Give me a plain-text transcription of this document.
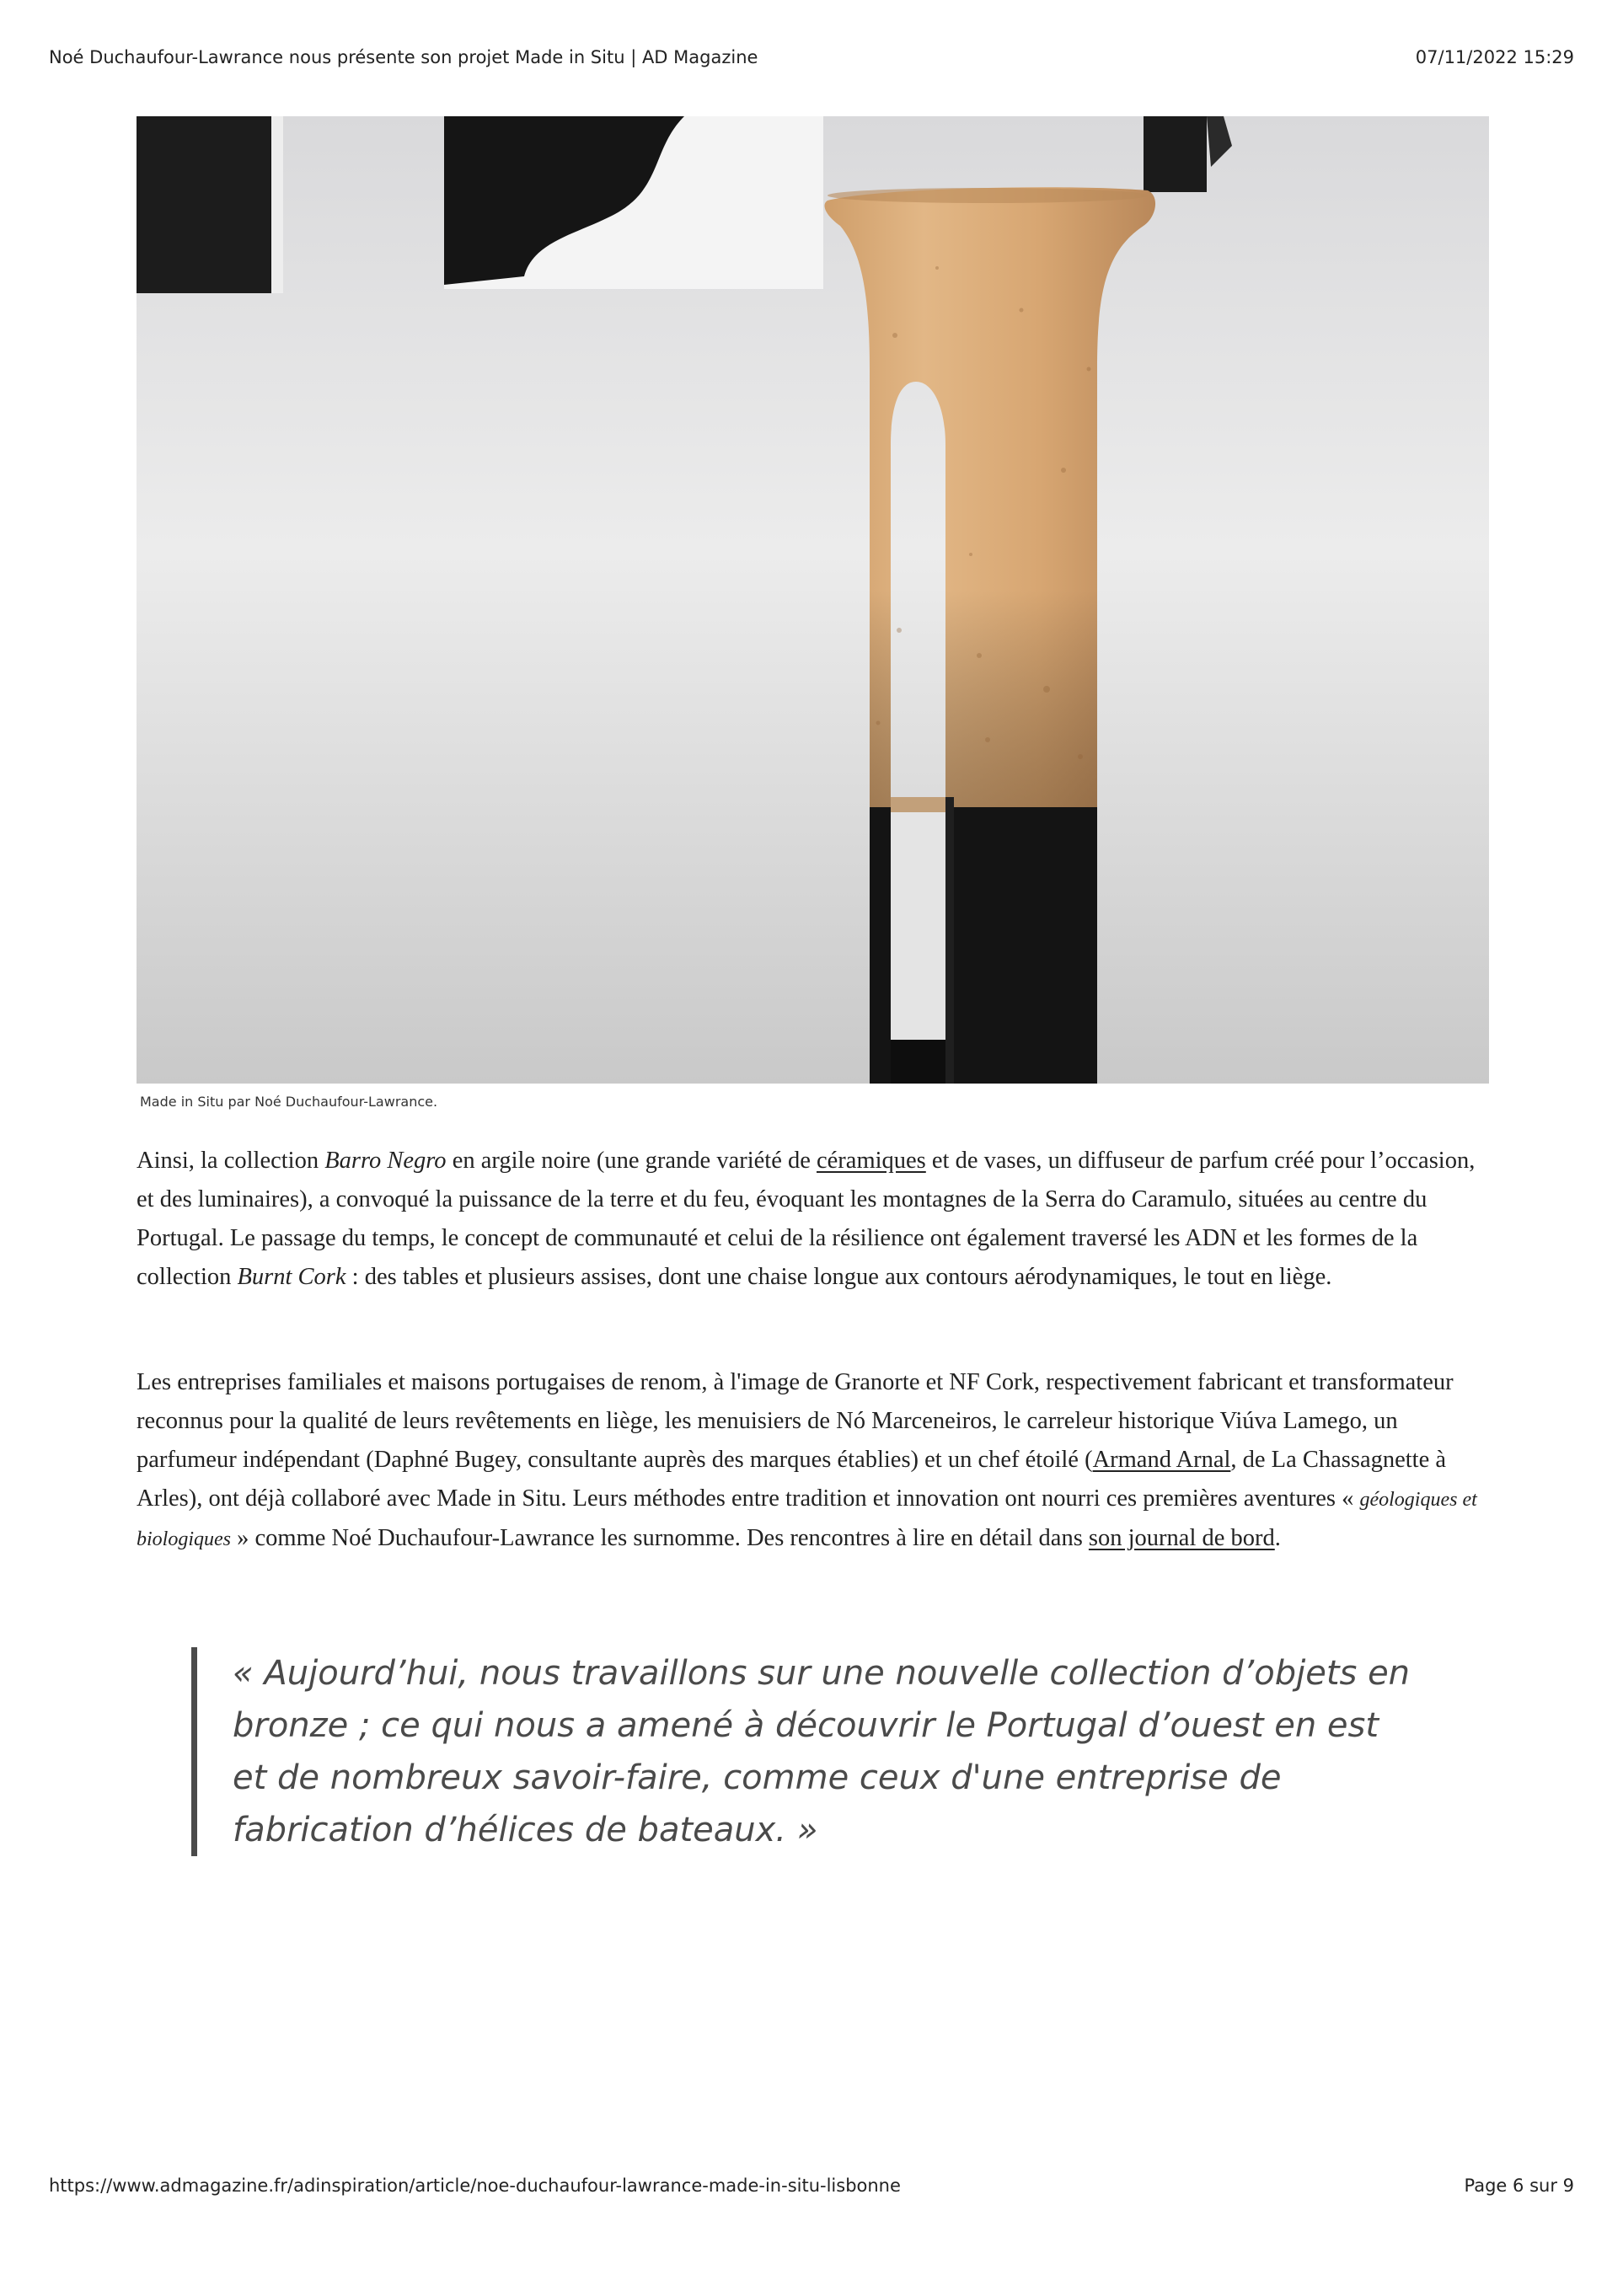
Noé Duchaufour-Lawrance nous présente son projet Made in Situ | AD Magazine	07/11/2022 15:29
Made in Situ par Noé Duchaufour-Lawrance.

Ainsi, la collection Barro Negro en argile noire (une grande variété de céramiques et de vases, un diffuseur de parfum créé pour l’occasion, et des luminaires), a convoqué la puissance de la terre et du feu, évoquant les montagnes de la Serra do Caramulo, situées au centre du Portugal. Le passage du temps, le concept de communauté et celui de la résilience ont également traversé les ADN et les formes de la collection Burnt Cork : des tables et plusieurs assises, dont une chaise longue aux contours aérodynamiques, le tout en liège.

Les entreprises familiales et maisons portugaises de renom, à l'image de Granorte et NF Cork, respectivement fabricant et transformateur reconnus pour la qualité de leurs revêtements en liège, les menuisiers de Nó Marceneiros, le carreleur historique Viúva Lamego, un parfumeur indépendant (Daphné Bugey, consultante auprès des marques établies) et un chef étoilé (Armand Arnal, de La Chassagnette à Arles), ont déjà collaboré avec Made in Situ. Leurs méthodes entre tradition et innovation ont nourri ces premières aventures « géologiques et biologiques » comme Noé Duchaufour-Lawrance les surnomme. Des rencontres à lire en détail dans son journal de bord.

« Aujourd’hui, nous travaillons sur une nouvelle collection d’objets en bronze ; ce qui nous a amené à découvrir le Portugal d’ouest en est et de nombreux savoir-faire, comme ceux d'une entreprise de fabrication d’hélices de bateaux. »
https://www.admagazine.fr/adinspiration/article/noe-duchaufour-lawrance-made-in-situ-lisbonne	Page 6 sur 9
